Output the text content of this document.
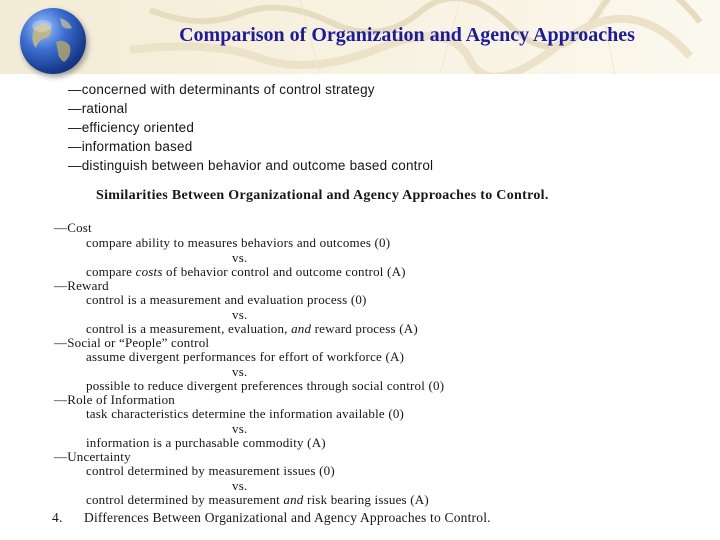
Comparison of Organization and Agency Approaches
—concerned with determinants of control strategy
—rational
—efficiency oriented
—information based
—distinguish between behavior and outcome based control
Similarities Between Organizational and Agency Approaches to Control.
—Cost
compare ability to measures behaviors and outcomes (0)
vs.
compare costs of behavior control and outcome control (A)
—Reward
control is a measurement and evaluation process (0)
vs.
control is a measurement, evaluation, and reward process (A)
—Social or “People” control
assume divergent performances for effort of workforce (A)
vs.
possible to reduce divergent preferences through social control (0)
—Role of Information
task characteristics determine the information available (0)
vs.
information is a purchasable commodity (A)
—Uncertainty
control determined by measurement issues (0)
vs.
control determined by measurement and risk bearing issues (A)
4. Differences Between Organizational and Agency Approaches to Control.
